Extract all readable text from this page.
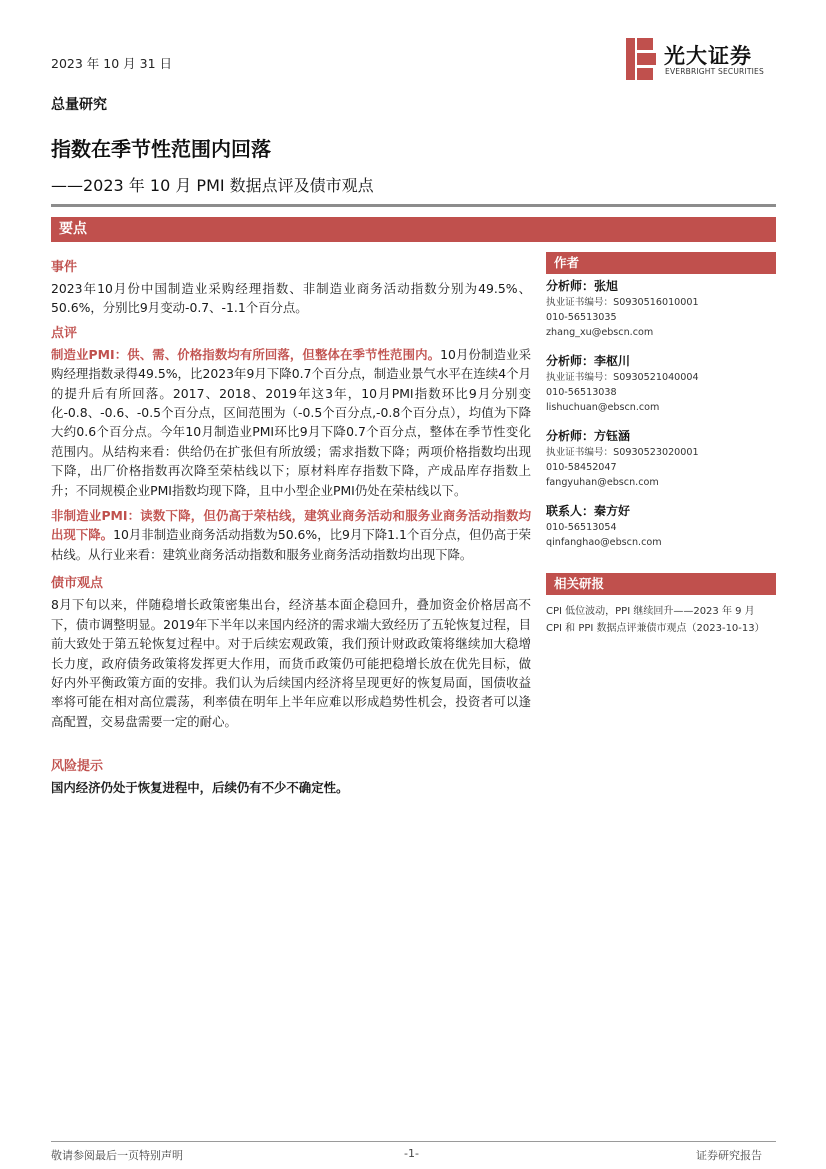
2023 年 10 月 31 日	光大证券
EVERBRIGHT SECURITIES
总量研究
指数在季节性范围内回落
——2023 年 10 月 PMI 数据点评及债市观点
要点
事件

2023年10月份中国制造业采购经理指数、非制造业商务活动指数分别为49.5%、50.6%，分别比9月变动-0.7、-1.1个百分点。

点评

制造业PMI：供、需、价格指数均有所回落，但整体在季节性范围内。10月份制造业采购经理指数录得49.5%，比2023年9月下降0.7个百分点，制造业景气水平在连续4个月的提升后有所回落。2017、2018、2019年这3年，10月PMI指数环比9月分别变化-0.8、-0.6、-0.5个百分点，区间范围为（-0.5个百分点,-0.8个百分点），均值为下降大约0.6个百分点。今年10月制造业PMI环比9月下降0.7个百分点，整体在季节性变化范围内。从结构来看：供给仍在扩张但有所放缓；需求指数下降；两项价格指数均出现下降，出厂价格指数再次降至荣枯线以下；原材料库存指数下降，产成品库存指数上升；不同规模企业PMI指数均现下降，且中小型企业PMI仍处在荣枯线以下。

非制造业PMI：读数下降，但仍高于荣枯线，建筑业商务活动和服务业商务活动指数均出现下降。10月非制造业商务活动指数为50.6%，比9月下降1.1个百分点，但仍高于荣枯线。从行业来看：建筑业商务活动指数和服务业商务活动指数均出现下降。

债市观点

8月下旬以来，伴随稳增长政策密集出台，经济基本面企稳回升，叠加资金价格居高不下，债市调整明显。2019年下半年以来国内经济的需求端大致经历了五轮恢复过程，目前大致处于第五轮恢复过程中。对于后续宏观政策，我们预计财政政策将继续加大稳增长力度，政府债务政策将发挥更大作用，而货币政策仍可能把稳增长放在优先目标，做好内外平衡政策方面的安排。我们认为后续国内经济将呈现更好的恢复局面，国债收益率将可能在相对高位震荡，利率债在明年上半年应难以形成趋势性机会，投资者可以逢高配置，交易盘需要一定的耐心。

风险提示

国内经济仍处于恢复进程中，后续仍有不少不确定性。

作者
分析师：张旭
执业证书编号：S0930516010001
010-56513035
zhang_xu@ebscn.com
分析师：李枢川
执业证书编号：S0930521040004
010-56513038
lishuchuan@ebscn.com
分析师：方钰涵
执业证书编号：S0930523020001
010-58452047
fangyuhan@ebscn.com
联系人：秦方好
010-56513054
qinfanghao@ebscn.com
相关研报
CPI 低位波动，PPI 继续回升——2023 年 9 月
CPI 和 PPI 数据点评兼债市观点（2023-10-13）
敬请参阅最后一页特别声明	-1-	证券研究报告
